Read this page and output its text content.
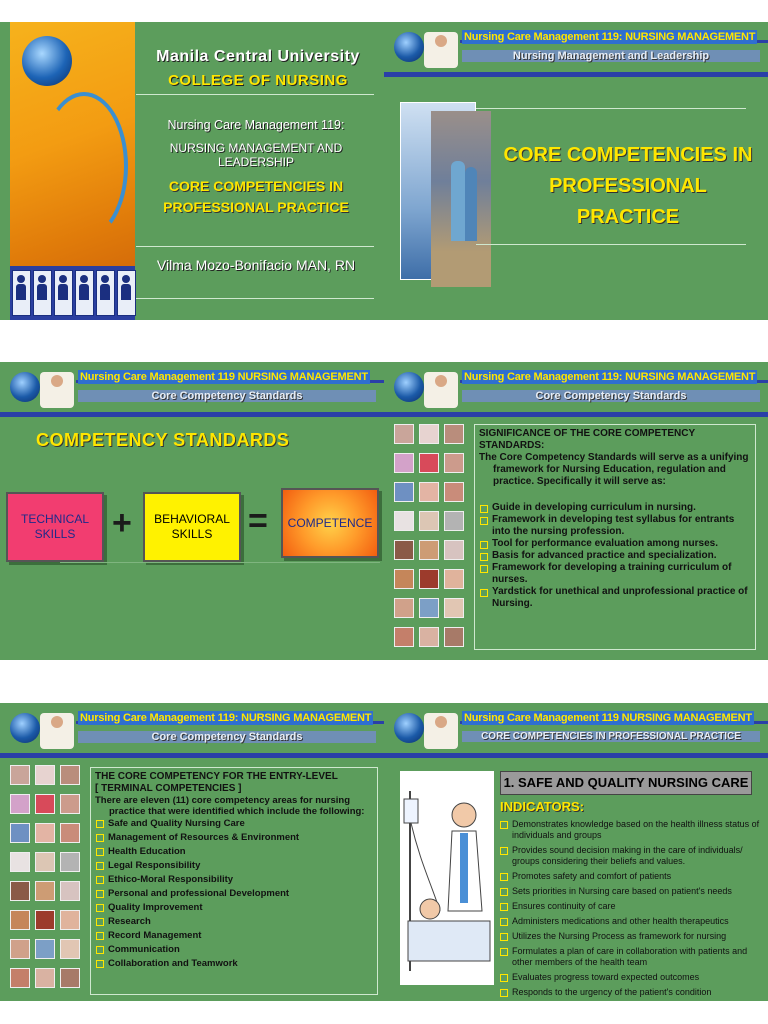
Manila Central University
COLLEGE OF NURSING
Nursing Care Management 119:
NURSING MANAGEMENT AND LEADERSHIP
CORE COMPETENCIES IN
PROFESSIONAL PRACTICE
Vilma Mozo-Bonifacio MAN, RN
Nursing Care Management 119: NURSING MANAGEMENT
Nursing Management and Leadership
CORE COMPETENCIES IN
PROFESSIONAL PRACTICE
Nursing Care Management 119 NURSING MANAGEMENT
Core Competency Standards
COMPETENCY STANDARDS
TECHNICAL SKILLS	+	BEHAVIORAL SKILLS	=	COMPETENCE
Nursing Care Management 119: NURSING MANAGEMENT
Core Competency Standards

SIGNIFICANCE OF THE CORE COMPETENCY STANDARDS:

The Core Competency Standards will serve as a unifying framework for Nursing Education, regulation and practice. Specifically it will serve as:

Guide in developing curriculum in nursing.
Framework in developing test syllabus for entrants into the nursing profession.
Tool for performance evaluation among nurses.
Basis for advanced practice and specialization.
Framework for developing a training curriculum of nurses.
Yardstick for unethical and unprofessional practice of Nursing.
Nursing Care Management 119: NURSING MANAGEMENT
Core Competency Standards

THE CORE COMPETENCY FOR THE ENTRY-LEVEL

[ TERMINAL COMPETENCIES ]

There are eleven (11) core competency areas for nursing practice that were identified which include the following:

Safe and Quality Nursing Care
Management of Resources & Environment
Health Education
Legal Responsibility
Ethico-Moral Responsibility
Personal and professional Development
Quality Improvement
Research
Record Management
Communication
Collaboration and Teamwork
Nursing Care Management 119 NURSING MANAGEMENT
CORE COMPETENCIES IN PROFESSIONAL PRACTICE
1. SAFE AND QUALITY NURSING CARE
INDICATORS:
Demonstrates knowledge based on the health illness status of individuals and groups
Provides sound decision making in the care of individuals/ groups considering their beliefs and values.
Promotes safety and comfort of patients
Sets priorities in Nursing care based on patient's needs
Ensures continuity of care
Administers medications and other health therapeutics
Utilizes the Nursing Process as framework for nursing
Formulates a plan of care in collaboration with patients and other members of the health team
Evaluates progress toward expected outcomes
Responds to the urgency of the patient's condition
